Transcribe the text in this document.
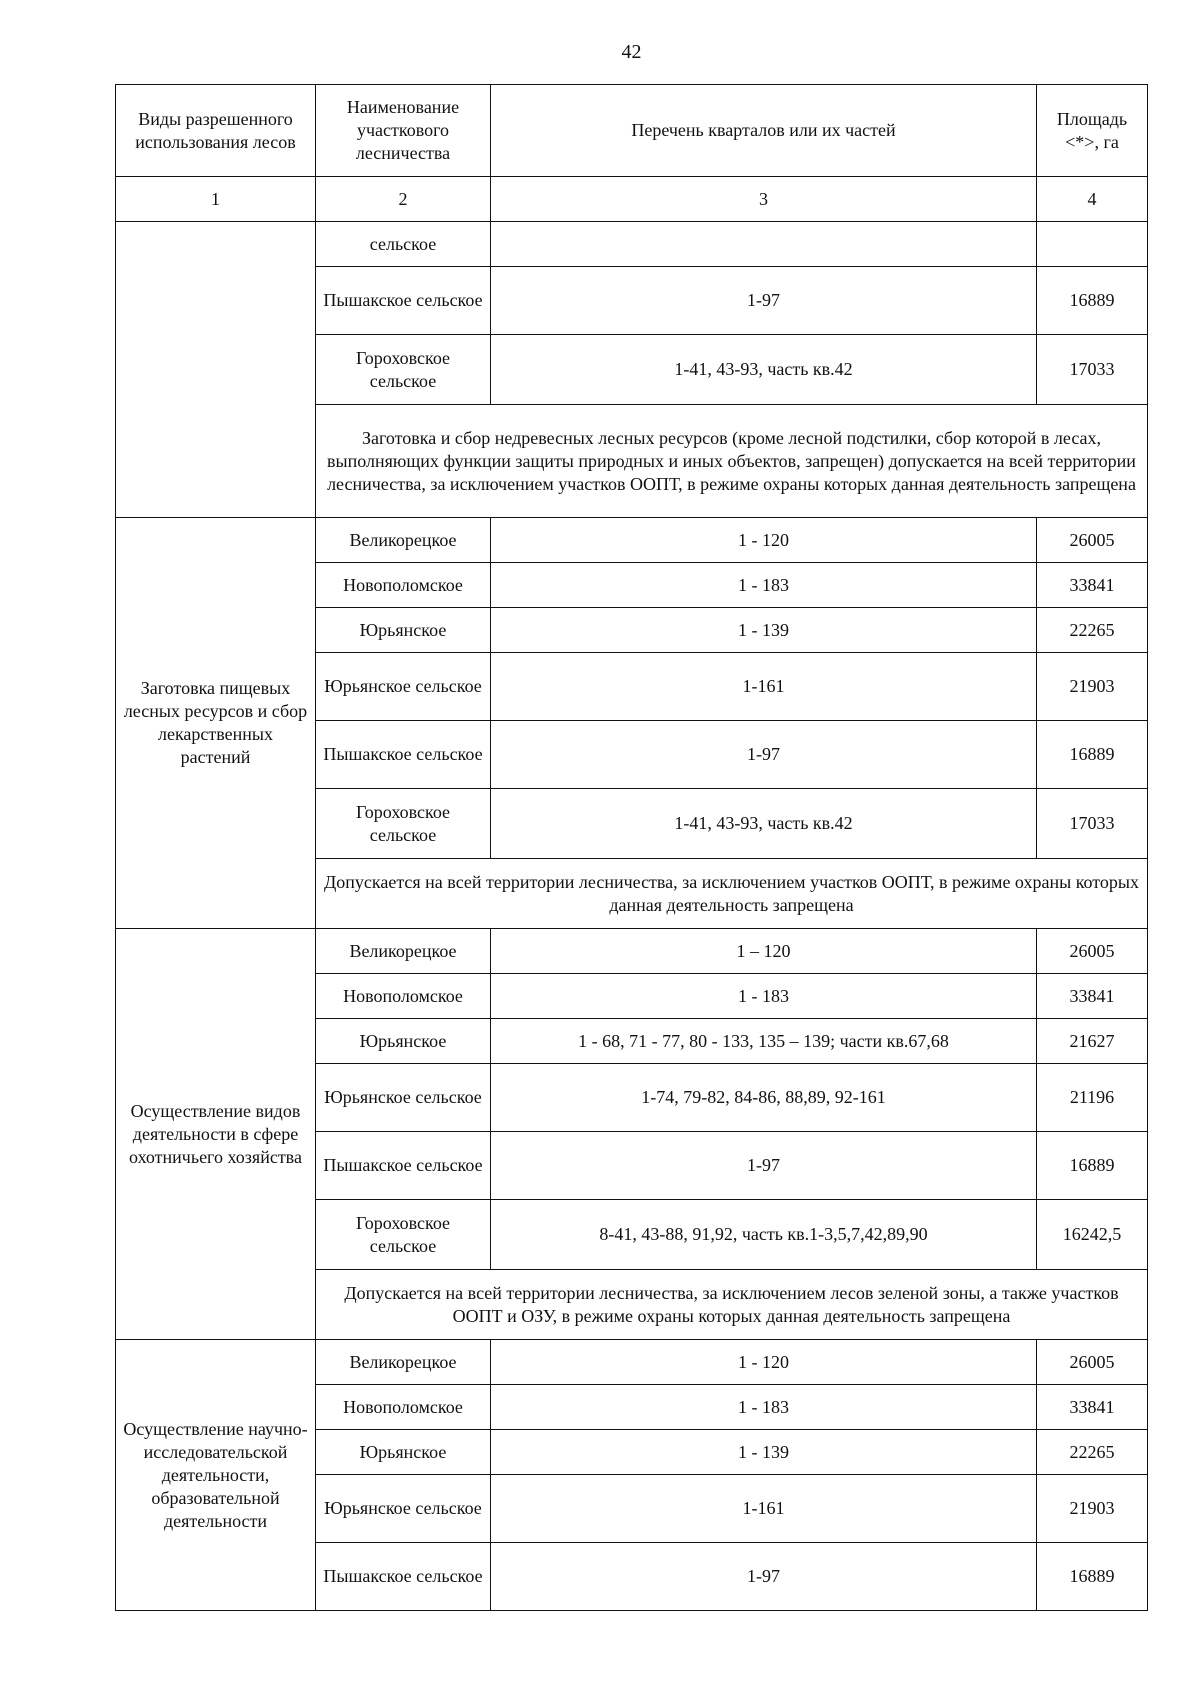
42
Виды разрешенного использования лесов	Наименование участкового лесничества	Перечень кварталов или их частей	Площадь <*>, га
1	2	3	4
	сельское		
	Пышакское сельское	1-97	16889
	Гороховское сельское	1-41, 43-93, часть кв.42	17033
	Заготовка и сбор недревесных лесных ресурсов (кроме лесной подстилки, сбор которой в лесах, выполняющих функции защиты природных и иных объектов, запрещен) допускается на всей территории лесничества, за исключением участков ООПТ, в режиме охраны которых данная деятельность запрещена		
Заготовка пищевых лесных ресурсов и сбор лекарственных растений	Великорецкое	1 - 120	26005
	Новополомское	1 - 183	33841
	Юрьянское	1 - 139	22265
	Юрьянское сельское	1-161	21903
	Пышакское сельское	1-97	16889
	Гороховское сельское	1-41, 43-93, часть кв.42	17033
	Допускается на всей территории лесничества, за исключением участков ООПТ, в режиме охраны которых данная деятельность запрещена		
Осуществление видов деятельности в сфере охотничьего хозяйства	Великорецкое	1 – 120	26005
	Новополомское	1 - 183	33841
	Юрьянское	1 - 68, 71 - 77, 80 - 133, 135 – 139; части кв.67,68	21627
	Юрьянское сельское	1-74, 79-82, 84-86, 88,89, 92-161	21196
	Пышакское сельское	1-97	16889
	Гороховское сельское	8-41, 43-88, 91,92, часть кв.1-3,5,7,42,89,90	16242,5
	Допускается на всей территории лесничества, за исключением лесов зеленой зоны, а также участков ООПТ и ОЗУ, в режиме охраны которых данная деятельность запрещена		
Осуществление научно-исследовательской деятельности, образовательной деятельности	Великорецкое	1 - 120	26005
	Новополомское	1 - 183	33841
	Юрьянское	1 - 139	22265
	Юрьянское сельское	1-161	21903
	Пышакское сельское	1-97	16889
